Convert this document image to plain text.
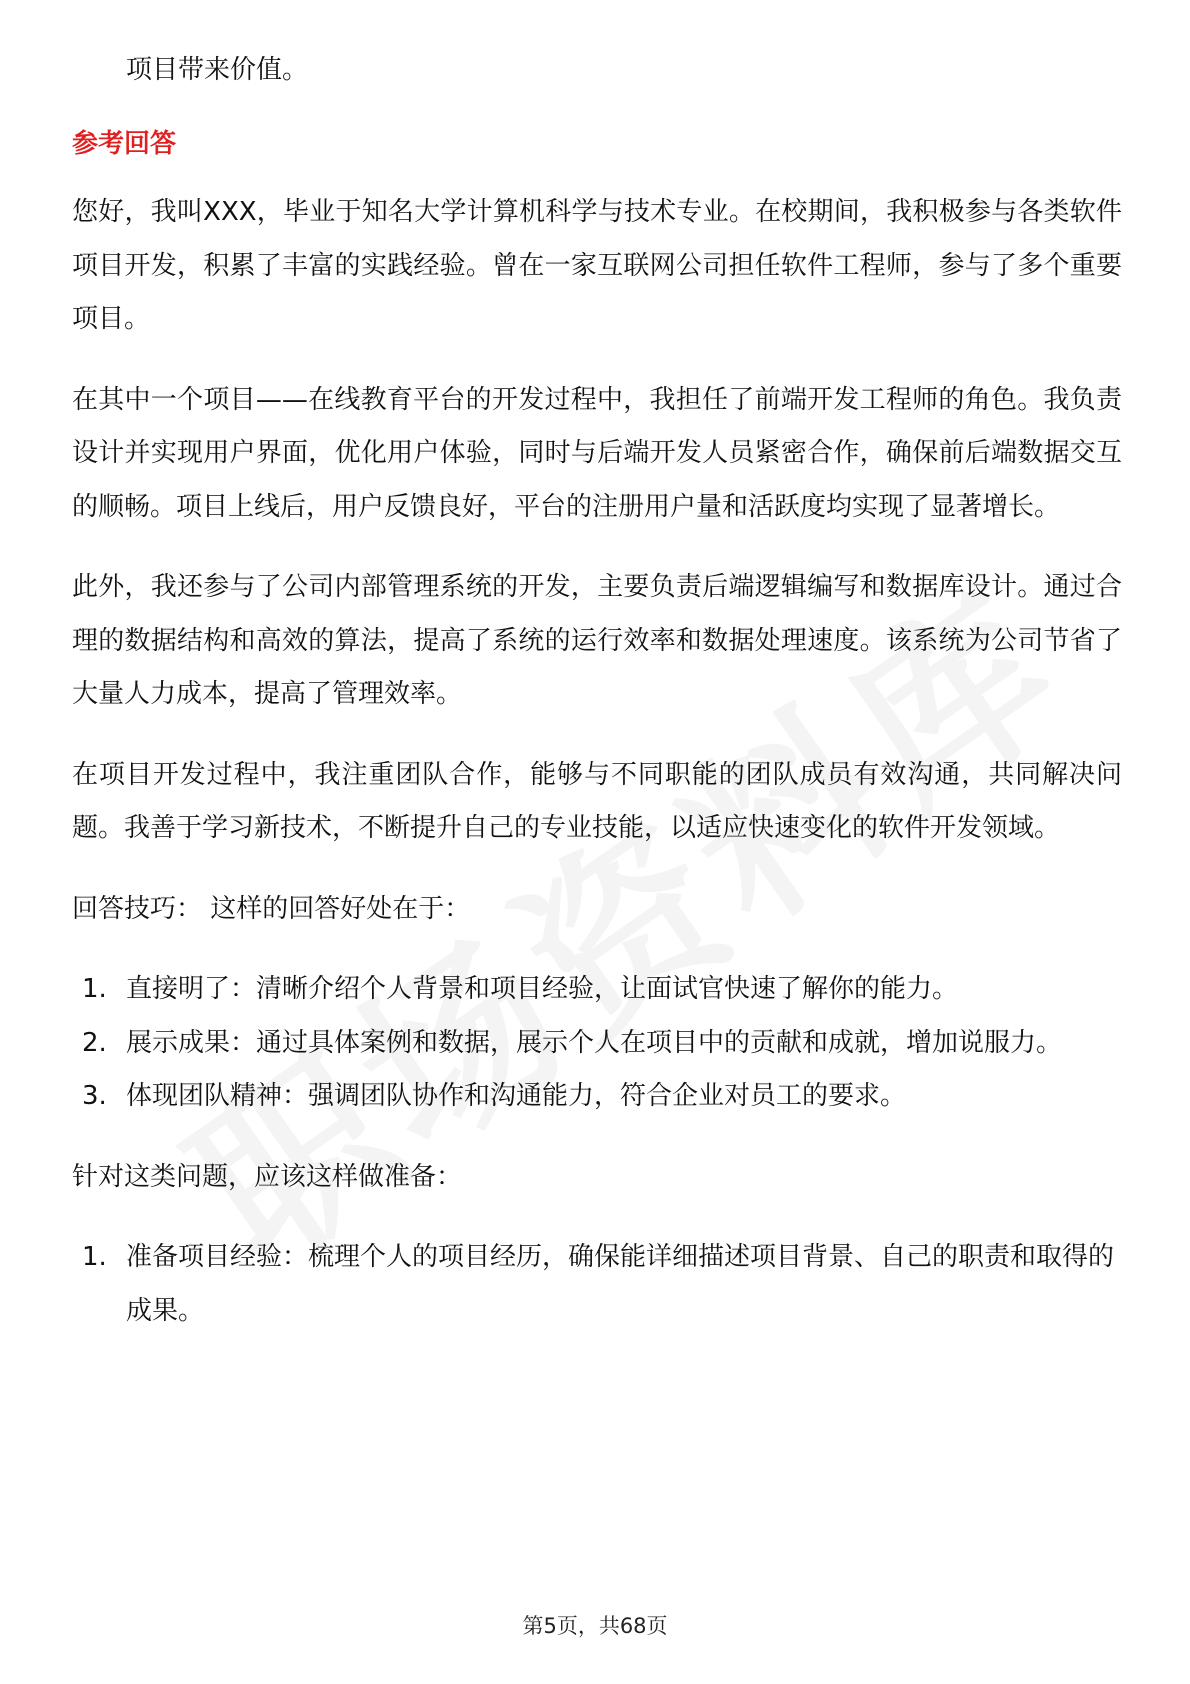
项目带来价值。

参考回答

您好，我叫XXX，毕业于知名大学计算机科学与技术专业。在校期间，我积极参与各类软件项目开发，积累了丰富的实践经验。曾在一家互联网公司担任软件工程师，参与了多个重要项目。

在其中一个项目——在线教育平台的开发过程中，我担任了前端开发工程师的角色。我负责设计并实现用户界面，优化用户体验，同时与后端开发人员紧密合作，确保前后端数据交互的顺畅。项目上线后，用户反馈良好，平台的注册用户量和活跃度均实现了显著增长。

此外，我还参与了公司内部管理系统的开发，主要负责后端逻辑编写和数据库设计。通过合理的数据结构和高效的算法，提高了系统的运行效率和数据处理速度。该系统为公司节省了大量人力成本，提高了管理效率。

在项目开发过程中，我注重团队合作，能够与不同职能的团队成员有效沟通，共同解决问题。我善于学习新技术，不断提升自己的专业技能，以适应快速变化的软件开发领域。

回答技巧： 这样的回答好处在于：

1. 直接明了：清晰介绍个人背景和项目经验，让面试官快速了解你的能力。
2. 展示成果：通过具体案例和数据，展示个人在项目中的贡献和成就，增加说服力。
3. 体现团队精神：强调团队协作和沟通能力，符合企业对员工的要求。

针对这类问题，应该这样做准备：

1. 准备项目经验：梳理个人的项目经历，确保能详细描述项目背景、自己的职责和取得的成果。
第5页，共68页
